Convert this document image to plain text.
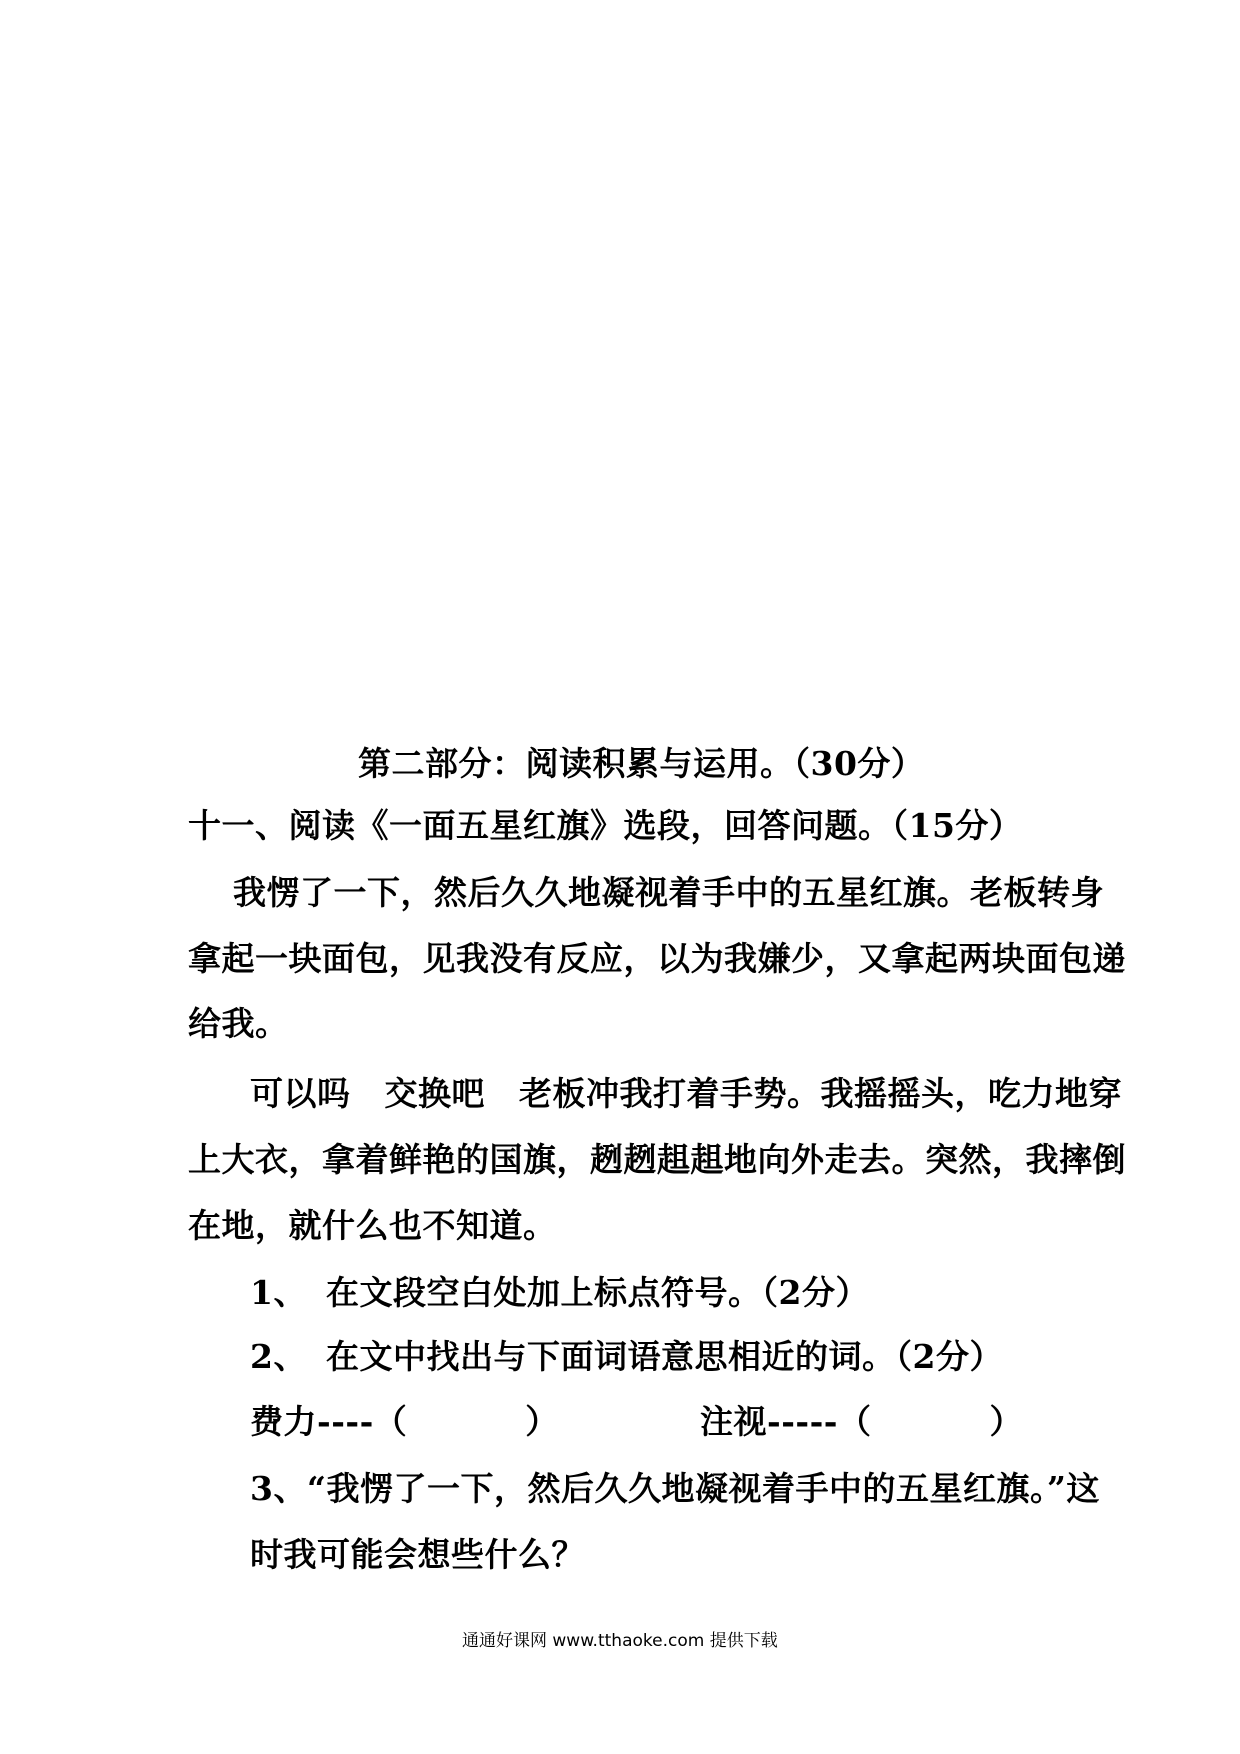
第二部分：阅读积累与运用。（30分）
十一、阅读《一面五星红旗》选段，回答问题。（15分）
我愣了一下，然后久久地凝视着手中的五星红旗。老板转身
拿起一块面包，见我没有反应，以为我嫌少，又拿起两块面包递
给我。
可以吗 交换吧 老板冲我打着手势。我摇摇头，吃力地穿
上大衣，拿着鲜艳的国旗，趔趔趄趄地向外走去。突然，我摔倒
在地，就什么也不知道。
1、 在文段空白处加上标点符号。（2分）
2、 在文中找出与下面词语意思相近的词。（2分）
费力----（	）	注视-----（	）
3、“我愣了一下，然后久久地凝视着手中的五星红旗。”这
时我可能会想些什么？
通通好课网 www.tthaoke.com 提供下载
